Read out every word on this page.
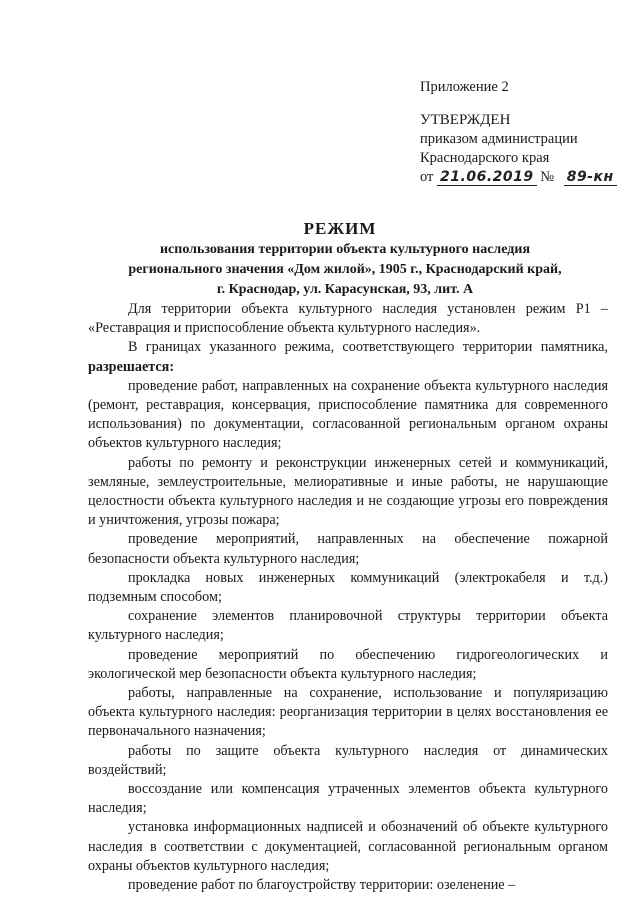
Приложение 2
УТВЕРЖДЕН
приказом администрации
Краснодарского края
от 21.06.2019 № 89-кн
РЕЖИМ
использования территории объекта культурного наследия
регионального значения «Дом жилой», 1905 г., Краснодарский край,
г. Краснодар, ул. Карасунская, 93, лит. А

Для территории объекта культурного наследия установлен режим Р1 – «Реставрация и приспособление объекта культурного наследия».

В границах указанного режима, соответствующего территории памятника, разрешается:

проведение работ, направленных на сохранение объекта культурного наследия (ремонт, реставрация, консервация, приспособление памятника для современного использования) по документации, согласованной региональным органом охраны объектов культурного наследия;

работы по ремонту и реконструкции инженерных сетей и коммуникаций, земляные, землеустроительные, мелиоративные и иные работы, не нарушающие целостности объекта культурного наследия и не создающие угрозы его повреждения и уничтожения, угрозы пожара;

проведение мероприятий, направленных на обеспечение пожарной безопасности объекта культурного наследия;

прокладка новых инженерных коммуникаций (электрокабеля и т.д.) подземным способом;

сохранение элементов планировочной структуры территории объекта культурного наследия;

проведение мероприятий по обеспечению гидрогеологических и экологической мер безопасности объекта культурного наследия;

работы, направленные на сохранение, использование и популяризацию объекта культурного наследия: реорганизация территории в целях восстановления ее первоначального назначения;

работы по защите объекта культурного наследия от динамических воздействий;

воссоздание или компенсация утраченных элементов объекта культурного наследия;

установка информационных надписей и обозначений об объекте культурного наследия в соответствии с документацией, согласованной региональным органом охраны объектов культурного наследия;

проведение работ по благоустройству территории: озеленение –
